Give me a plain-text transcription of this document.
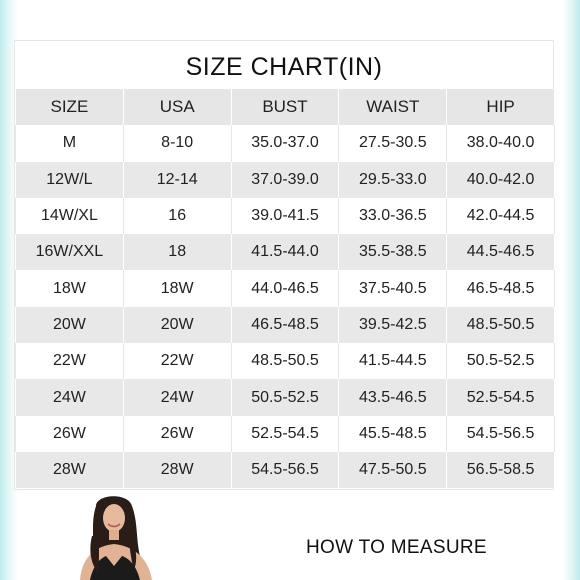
SIZE CHART(IN)
SIZE	USA	BUST	WAIST	HIP
M	8-10	35.0-37.0	27.5-30.5	38.0-40.0
12W/L	12-14	37.0-39.0	29.5-33.0	40.0-42.0
14W/XL	16	39.0-41.5	33.0-36.5	42.0-44.5
16W/XXL	18	41.5-44.0	35.5-38.5	44.5-46.5
18W	18W	44.0-46.5	37.5-40.5	46.5-48.5
20W	20W	46.5-48.5	39.5-42.5	48.5-50.5
22W	22W	48.5-50.5	41.5-44.5	50.5-52.5
24W	24W	50.5-52.5	43.5-46.5	52.5-54.5
26W	26W	52.5-54.5	45.5-48.5	54.5-56.5
28W	28W	54.5-56.5	47.5-50.5	56.5-58.5
HOW TO MEASURE
